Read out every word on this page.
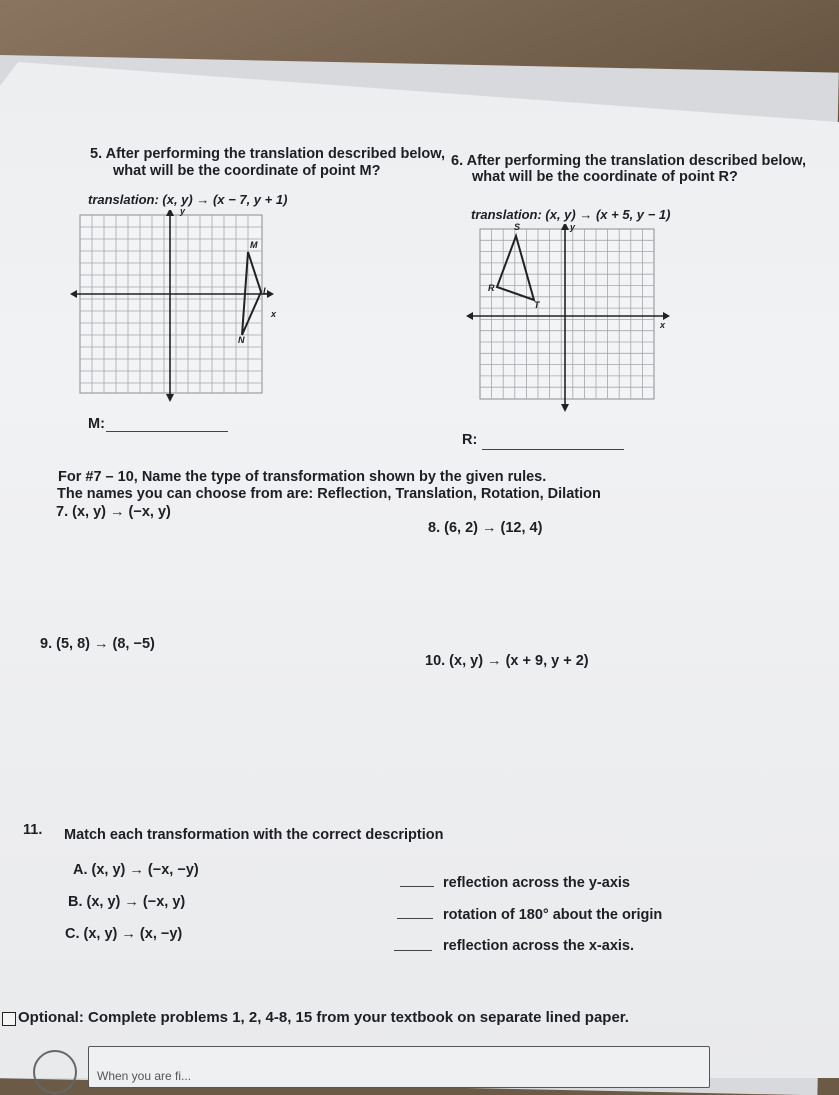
5. After performing the translation described below,
what will be the coordinate of point M?
translation: (x, y) → (x − 7, y + 1)
M
L
N
y
x
M:
6. After performing the translation described below,
what will be the coordinate of point R?
translation: (x, y) → (x + 5, y − 1)
S
R
T
y
x
R:
For #7 – 10, Name the type of transformation shown by the given rules.
The names you can choose from are: Reflection, Translation, Rotation, Dilation
7. (x, y) → (−x, y)
8. (6, 2) → (12, 4)
9. (5, 8) → (8, −5)
10. (x, y) → (x + 9, y + 2)
11. Match each transformation with the correct description
A. (x, y) → (−x, −y)
B. (x, y) → (−x, y)
C. (x, y) → (x, −y)
reflection across the y-axis
rotation of 180° about the origin
reflection across the x-axis.
Optional: Complete problems 1, 2, 4-8, 15 from your textbook on separate lined paper.
When you are fi...
